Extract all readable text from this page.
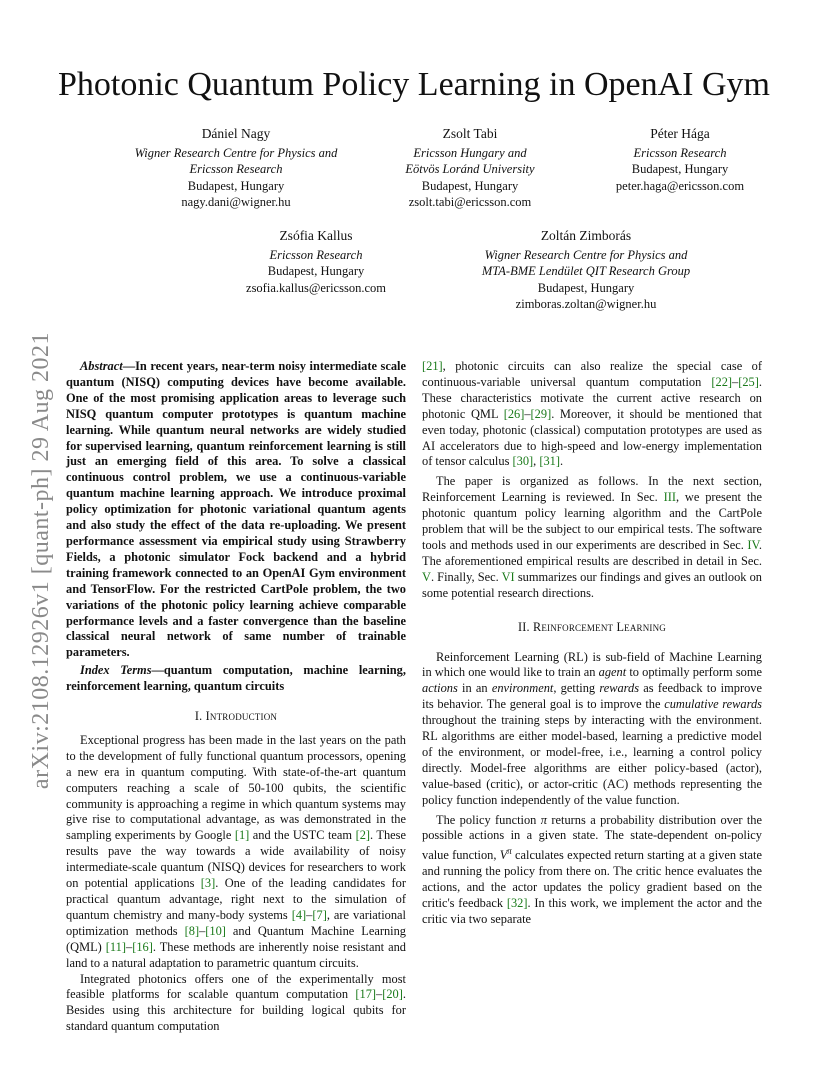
arXiv:2108.12926v1 [quant-ph] 29 Aug 2021
Photonic Quantum Policy Learning in OpenAI Gym
Dániel Nagy
Wigner Research Centre for Physics and
Ericsson Research
Budapest, Hungary
nagy.dani@wigner.hu
Zsolt Tabi
Ericsson Hungary and
Eötvös Loránd University
Budapest, Hungary
zsolt.tabi@ericsson.com
Péter Hága
Ericsson Research
Budapest, Hungary
peter.haga@ericsson.com
Zsófia Kallus
Ericsson Research
Budapest, Hungary
zsofia.kallus@ericsson.com
Zoltán Zimborás
Wigner Research Centre for Physics and
MTA-BME Lendület QIT Research Group
Budapest, Hungary
zimboras.zoltan@wigner.hu

Abstract—In recent years, near-term noisy intermediate scale quantum (NISQ) computing devices have become available. One of the most promising application areas to leverage such NISQ quantum computer prototypes is quantum machine learning. While quantum neural networks are widely studied for supervised learning, quantum reinforcement learning is still just an emerging field of this area. To solve a classical continuous control problem, we use a continuous-variable quantum machine learning approach. We introduce proximal policy optimization for photonic variational quantum agents and also study the effect of the data re-uploading. We present performance assessment via empirical study using Strawberry Fields, a photonic simulator Fock backend and a hybrid training framework connected to an OpenAI Gym environment and TensorFlow. For the restricted CartPole problem, the two variations of the photonic policy learning achieve comparable performance levels and a faster convergence than the baseline classical neural network of same number of trainable parameters.

Index Terms—quantum computation, machine learning, reinforcement learning, quantum circuits

I. Introduction

Exceptional progress has been made in the last years on the path to the development of fully functional quantum processors, opening a new era in quantum computing. With state-of-the-art quantum computers reaching a scale of 50-100 qubits, the scientific community is approaching a regime in which quantum systems may give rise to computational advantage, as was demonstrated in the sampling experiments by Google [1] and the USTC team [2]. These results pave the way towards a wide availability of noisy intermediate-scale quantum (NISQ) devices for researchers to work on potential applications [3]. One of the leading candidates for practical quantum advantage, right next to the simulation of quantum chemistry and many-body systems [4]–[7], are variational optimization methods [8]–[10] and Quantum Machine Learning (QML) [11]–[16]. These methods are inherently noise resistant and land to a natural adaptation to parametric quantum circuits.

Integrated photonics offers one of the experimentally most feasible platforms for scalable quantum computation [17]–[20]. Besides using this architecture for building logical qubits for standard quantum computation

[21], photonic circuits can also realize the special case of continuous-variable universal quantum computation [22]–[25]. These characteristics motivate the current active research on photonic QML [26]–[29]. Moreover, it should be mentioned that even today, photonic (classical) computation prototypes are used as AI accelerators due to high-speed and low-energy implementation of tensor calculus [30], [31].

The paper is organized as follows. In the next section, Reinforcement Learning is reviewed. In Sec. III, we present the photonic quantum policy learning algorithm and the CartPole problem that will be the subject to our empirical tests. The software tools and methods used in our experiments are described in Sec. IV. The aforementioned empirical results are described in detail in Sec. V. Finally, Sec. VI summarizes our findings and gives an outlook on some potential research directions.

II. Reinforcement Learning

Reinforcement Learning (RL) is sub-field of Machine Learning in which one would like to train an agent to optimally perform some actions in an environment, getting rewards as feedback to improve its behavior. The general goal is to improve the cumulative rewards throughout the training steps by interacting with the environment. RL algorithms are either model-based, learning a predictive model of the environment, or model-free, i.e., learning a control policy directly. Model-free algorithms are either policy-based (actor), value-based (critic), or actor-critic (AC) methods representing the policy function independently of the value function.

The policy function π returns a probability distribution over the possible actions in a given state. The state-dependent on-policy value function, $V^\pi$ calculates expected return starting at a given state and running the policy from there on. The critic hence evaluates the actions, and the actor updates the policy gradient based on the critic's feedback [32]. In this work, we implement the actor and the critic via two separate
